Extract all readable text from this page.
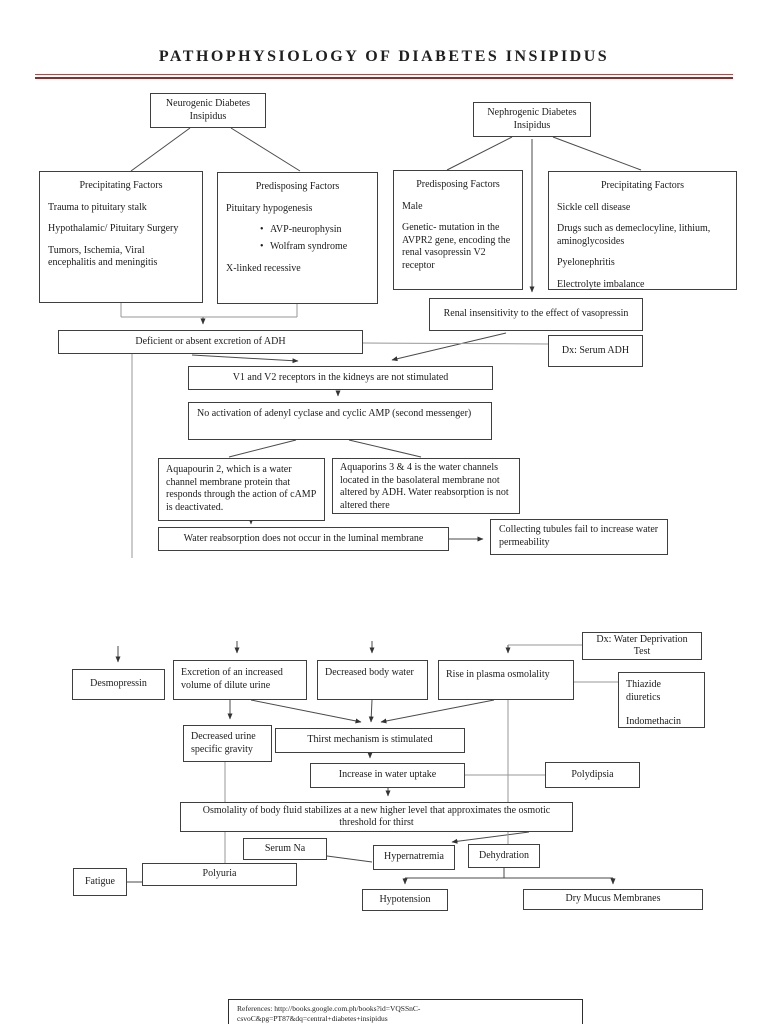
PATHOPHYSIOLOGY OF DIABETES INSIPIDUS
Neurogenic Diabetes Insipidus	Nephrogenic Diabetes Insipidus
Precipitating Factors
Trauma to pituitary stalk
Hypothalamic/ Pituitary Surgery
Tumors, Ischemia, Viral encephalitis and meningitis
Predisposing Factors
Pituitary hypogenesis
• AVP-neurophysin
• Wolfram syndrome
X-linked recessive
Predisposing Factors
Male
Genetic- mutation in the AVPR2 gene, encoding the renal vasopressin V2 receptor
Precipitating Factors
Sickle cell disease
Drugs such as demeclocyline, lithium, aminoglycosides
Pyelonephritis
Electrolyte imbalance
Renal insensitivity to the effect of vasopressin
Deficient or absent excretion of ADH
Dx: Serum ADH
V1 and V2 receptors in the kidneys are not stimulated
No activation of adenyl cyclase and cyclic AMP (second messenger)
Aquapourin 2, which is a water channel membrane protein that responds through the action of cAMP is deactivated.
Aquaporins 3 & 4 is the water channels located in the basolateral membrane not altered by ADH. Water reabsorption is not altered there
Water reabsorption does not occur in the luminal membrane
Collecting tubules fail to increase water permeability
Desmopressin
Excretion of an increased volume of dilute urine
Decreased body water	Rise in plasma osmolality
Dx: Water Deprivation Test
Thiazide diuretics
Indomethacin
Decreased urine specific gravity
Thirst mechanism is stimulated
Increase in water uptake	Polydipsia
Osmolality of body fluid stabilizes at a new higher level that approximates the osmotic threshold for thirst
Serum Na
Hypernatremia	Dehydration
Fatigue
Polyuria
Hypotension	Dry Mucus Membranes
References: http://books.google.com.ph/books?id=VQSSnC-
csvoC&pg=PT87&dq=central+diabetes+insipidus
